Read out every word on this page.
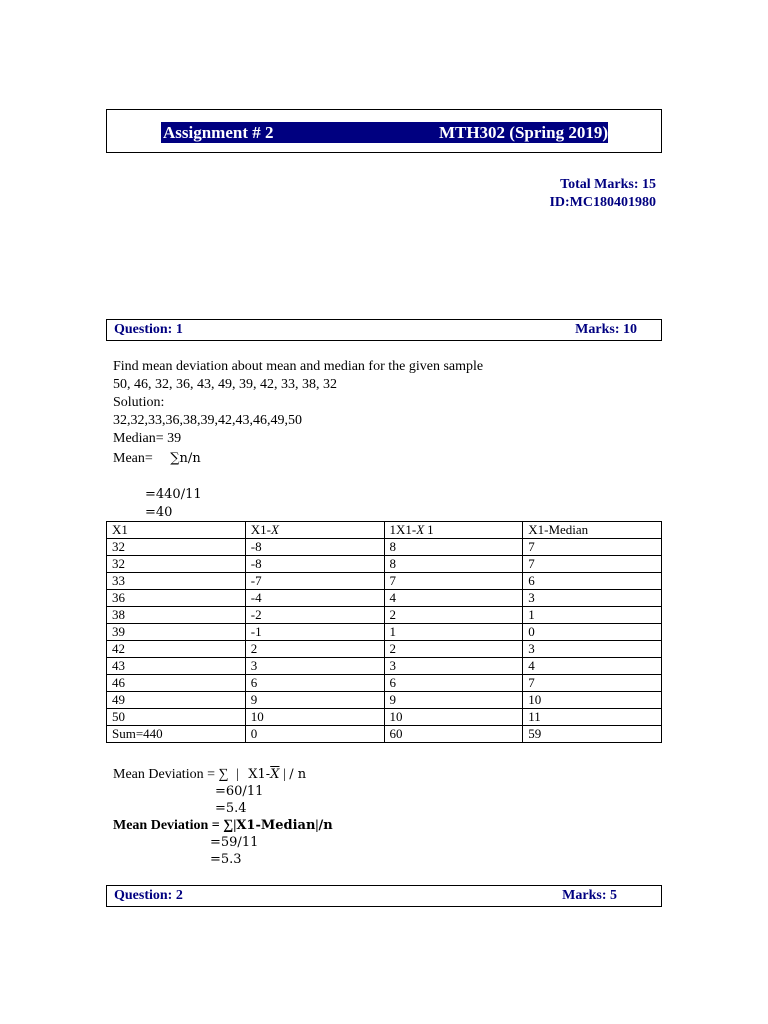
Assignment # 2	MTH302 (Spring 2019)
Total Marks: 15
ID:MC180401980
Question: 1	Marks: 10
Find mean deviation about mean and median for the given sample
50, 46, 32, 36, 43, 49, 39, 42, 33, 38, 32
Solution:
32,32,33,36,38,39,42,43,46,49,50
Median= 39
Mean= ∑n/n
=440/11
=40
X1	$X1-\overline{X}$	$1X1-\overline{X}$ 1	X1-Median
32	-8	8	7
32	-8	8	7
33	-7	7	6
36	-4	4	3
38	-2	2	1
39	-1	1	0
42	2	2	3
43	3	3	4
46	6	6	7
49	9	9	10
50	10	10	11
Sum=440	0	60	59
Mean Deviation = ∑ | $X1-\overline{X}$ | / n
=60/11
=5.4
Mean Deviation = ∑|X1-Median|/n
=59/11
=5.3
Question: 2	Marks: 5
